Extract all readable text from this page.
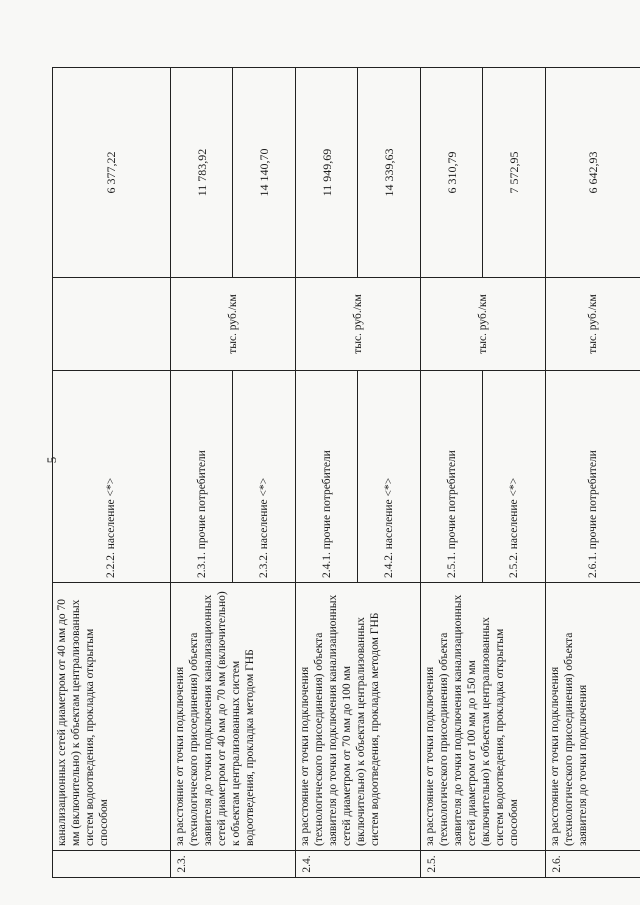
5
	канализационных сетей диаметром от 40 мм до 70 мм (включительно) к объектам централизованных систем водоотведения, прокладка открытым способом	2.2.2. население <*>		6 377,22
2.3.	за расстояние от точки подключения (технологического присоединения) объекта заявителя до точки подключения канализационных сетей диаметром от 40 мм до 70 мм (включительно) к объектам централизованных систем водоотведения, прокладка методом ГНБ	2.3.1. прочие потребители	тыс. руб./км	11 783,92
		2.3.2. население <*>		14 140,70
2.4.	за расстояние от точки подключения (технологического присоединения) объекта заявителя до точки подключения канализационных сетей диаметром от 70 мм до 100 мм (включительно) к объектам централизованных систем водоотведения, прокладка методом ГНБ	2.4.1. прочие потребители	тыс. руб./км	11 949,69
		2.4.2. население <*>		14 339,63
2.5.	за расстояние от точки подключения (технологического присоединения) объекта заявителя до точки подключения канализационных сетей диаметром от 100 мм до 150 мм (включительно) к объектам централизованных систем водоотведения, прокладка открытым способом	2.5.1. прочие потребители	тыс. руб./км	6 310,79
		2.5.2. население <*>		7 572,95
2.6.	за расстояние от точки подключения (технологического присоединения) объекта заявителя до точки подключения	2.6.1. прочие потребители	тыс. руб./км	6 642,93
